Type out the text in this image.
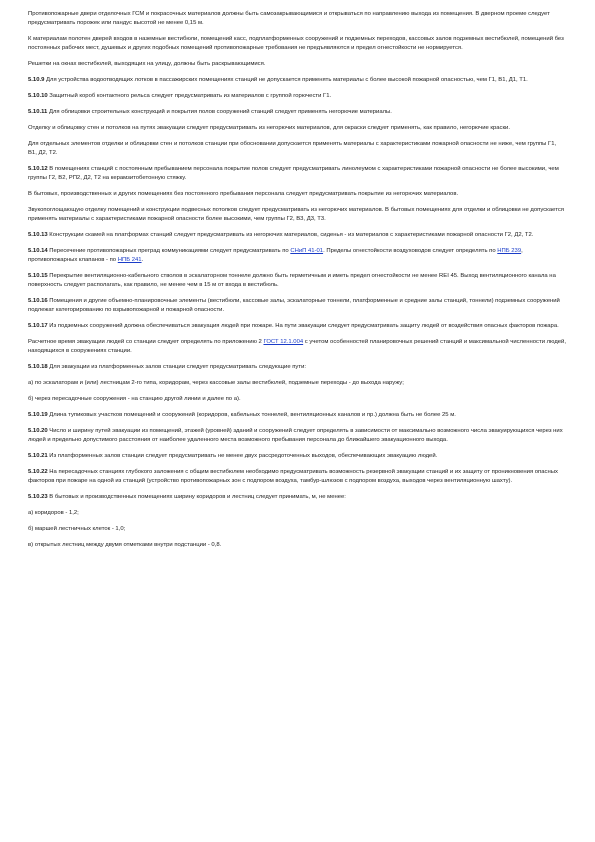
Противопожарные двери отделочных ГСМ и покрасочных материалов должны быть самозакрывающимися и открываться по направлению выхода из помещения. В дверном проеме следует предусматривать порожек или пандус высотой не менее 0,15 м.

К материалам полотен дверей входов в наземные вестибюли, помещений касс, подплатформенных сооружений и подземных переходов, кассовых залов подземных вестибюлей, помещений без постоянных рабочих мест, душевых и других подобных помещений противопожарные требования не предъявляются и предел огнестойкости не нормируется.

Решетки на окнах вестибюлей, выходящих на улицу, должны быть раскрывающимися.

5.10.9 Для устройства водоотводящих лотков в пассажирских помещениях станций не допускается применять материалы с более высокой пожарной опасностью, чем Г1, В1, Д1, Т1.

5.10.10 Защитный короб контактного рельса следует предусматривать из материалов с группой горючести Г1.

5.10.11 Для облицовки строительных конструкций и покрытия полов сооружений станций следует применять негорючие материалы.

Отделку и облицовку стен и потолков на путях эвакуации следует предусматривать из негорючих материалов, для окраски следует применять, как правило, негорючие краски.

Для отдельных элементов отделки и облицовки стен и потолков станции при обосновании допускается применять материалы с характеристиками пожарной опасности не ниже, чем группы Г1, В1, Д2, Т2.

5.10.12 В помещениях станций с постоянным пребыванием персонала покрытие полов следует предусматривать линолеумом с характеристиками пожарной опасности не более высокими, чем группы Г2, В2, РП2, Д2, Т2 на керамзитобетонную стяжку.

В бытовых, производственных и других помещениях без постоянного пребывания персонала следует предусматривать покрытие из негорючих материалов.

Звукопоглощающую отделку помещений и конструкции подвесных потолков следует предусматривать из негорючих материалов. В бытовых помещениях для отделки и облицовки не допускается применять материалы с характеристиками пожарной опасности более высокими, чем группы Г2, В3, Д3, Т3.

5.10.13 Конструкции скамей на платформах станций следует предусматривать из негорючих материалов, сиденья - из материалов с характеристиками пожарной опасности Г2, Д2, Т2.

5.10.14 Пересечение противопожарных преград коммуникациями следует предусматривать по СНиП 41-01. Пределы огнестойкости воздуховодов следует определять по НПБ 239, противопожарных клапанов - по НПБ 241.

5.10.15 Перекрытие вентиляционно-кабельного стволов в эскалаторном тоннеле должно быть герметичным и иметь предел огнестойкости не менее REI 45. Выход вентиляционного канала на поверхность следует располагать, как правило, не менее чем в 15 м от входа в вестибюль.

5.10.16 Помещения и другие объемно-планировочные элементы (вестибюли, кассовые залы, эскалаторные тоннели, платформенные и средние залы станций, тоннели) подземных сооружений подлежат категорированию по взрывопожарной и пожарной опасности.

5.10.17 Из подземных сооружений должна обеспечиваться эвакуация людей при пожаре. На пути эвакуации следует предусматривать защиту людей от воздействия опасных факторов пожара.

Расчетное время эвакуации людей со станции следует определять по приложению 2 ГОСТ 12.1.004 с учетом особенностей планировочных решений станций и максимальной численности людей, находящихся в сооружениях станции.

5.10.18 Для эвакуации из платформенных залов станции следует предусматривать следующие пути:

а) по эскалаторам и (или) лестницам 2-го типа, коридорам, через кассовые залы вестибюлей, подземные переходы - до выхода наружу;

б) через пересадочные сооружения - на станцию другой линии и далее по а).

5.10.19 Длина тупиковых участков помещений и сооружений (коридоров, кабельных тоннелей, вентиляционных каналов и пр.) должна быть не более 25 м.

5.10.20 Число и ширину путей эвакуации из помещений, этажей (уровней) зданий и сооружений следует определять в зависимости от максимально возможного числа эвакуирующихся через них людей и предельно допустимого расстояния от наиболее удаленного места возможного пребывания персонала до ближайшего эвакуационного выхода.

5.10.21 Из платформенных залов станции следует предусматривать не менее двух рассредоточенных выходов, обеспечивающих эвакуацию людей.

5.10.22 На пересадочных станциях глубокого заложения с общим вестибюлем необходимо предусматривать возможность резервной эвакуации станций и их защиту от проникновения опасных факторов при пожаре на одной из станций (устройство противопожарных зон с подпором воздуха, тамбур-шлюзов с подпором воздуха, выходов через вентиляционную шахту).

5.10.23 В бытовых и производственных помещениях ширину коридоров и лестниц следует принимать, м, не менее:

а) коридоров - 1,2;

б) маршей лестничных клеток - 1,0;

в) открытых лестниц между двумя отметками внутри подстанции - 0,8.
